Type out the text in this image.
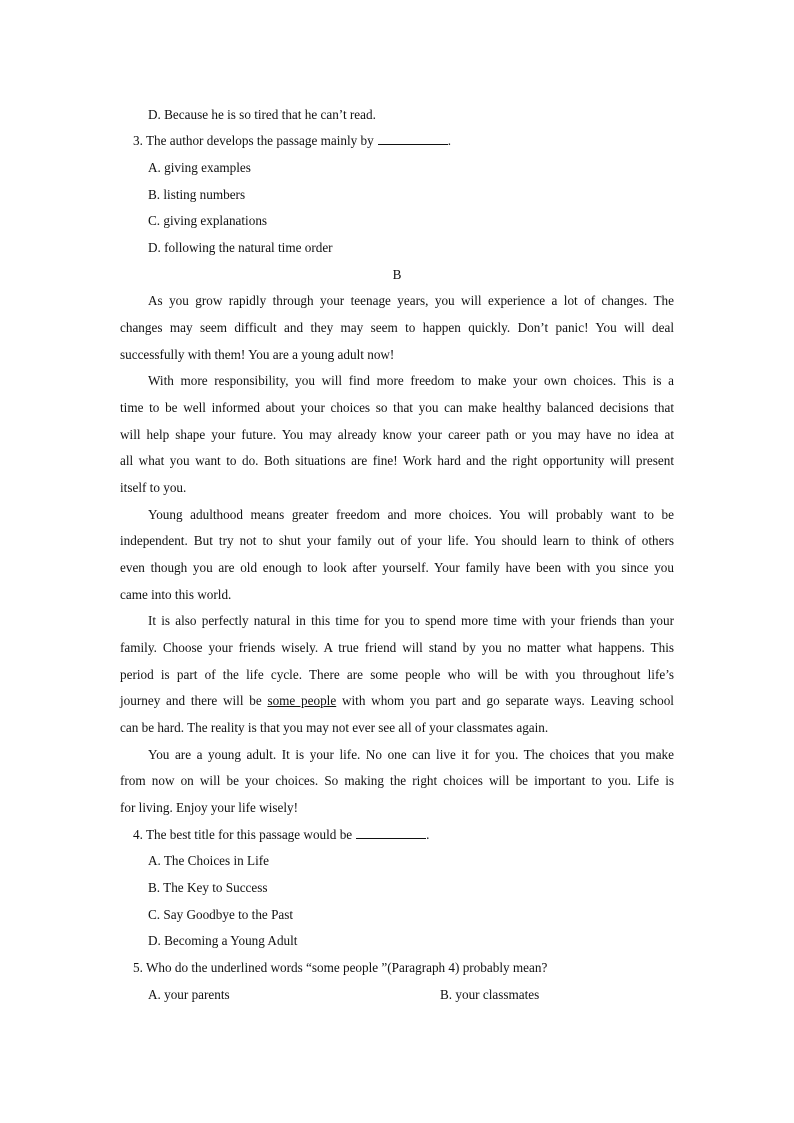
D. Because he is so tired that he can’t read.
3. The author develops the passage mainly by	.
A. giving examples
B. listing numbers
C. giving explanations
D. following the natural time order
B
As you grow rapidly through your teenage years, you will experience a lot of changes. The
changes may seem difficult and they may seem to happen quickly. Don’t panic! You will deal
successfully with them! You are a young adult now!
With more responsibility, you will find more freedom to make your own choices. This is a
time to be well informed about your choices so that you can make healthy balanced decisions that
will help shape your future. You may already know your career path or you may have no idea at
all what you want to do. Both situations are fine! Work hard and the right opportunity will present
itself to you.
Young adulthood means greater freedom and more choices. You will probably want to be
independent. But try not to shut your family out of your life. You should learn to think of others
even though you are old enough to look after yourself. Your family have been with you since you
came into this world.
It is also perfectly natural in this time for you to spend more time with your friends than your
family. Choose your friends wisely. A true friend will stand by you no matter what happens. This
period is part of the life cycle. There are some people who will be with you throughout life’s
journey and there will be some people with whom you part and go separate ways. Leaving school
can be hard. The reality is that you may not ever see all of your classmates again.
You are a young adult. It is your life. No one can live it for you. The choices that you make
from now on will be your choices. So making the right choices will be important to you. Life is
for living. Enjoy your life wisely!
4. The best title for this passage would be	.
A. The Choices in Life
B. The Key to Success
C. Say Goodbye to the Past
D. Becoming a Young Adult
5. Who do the underlined words “some people ”(Paragraph 4) probably mean?
A. your parents	B. your classmates
